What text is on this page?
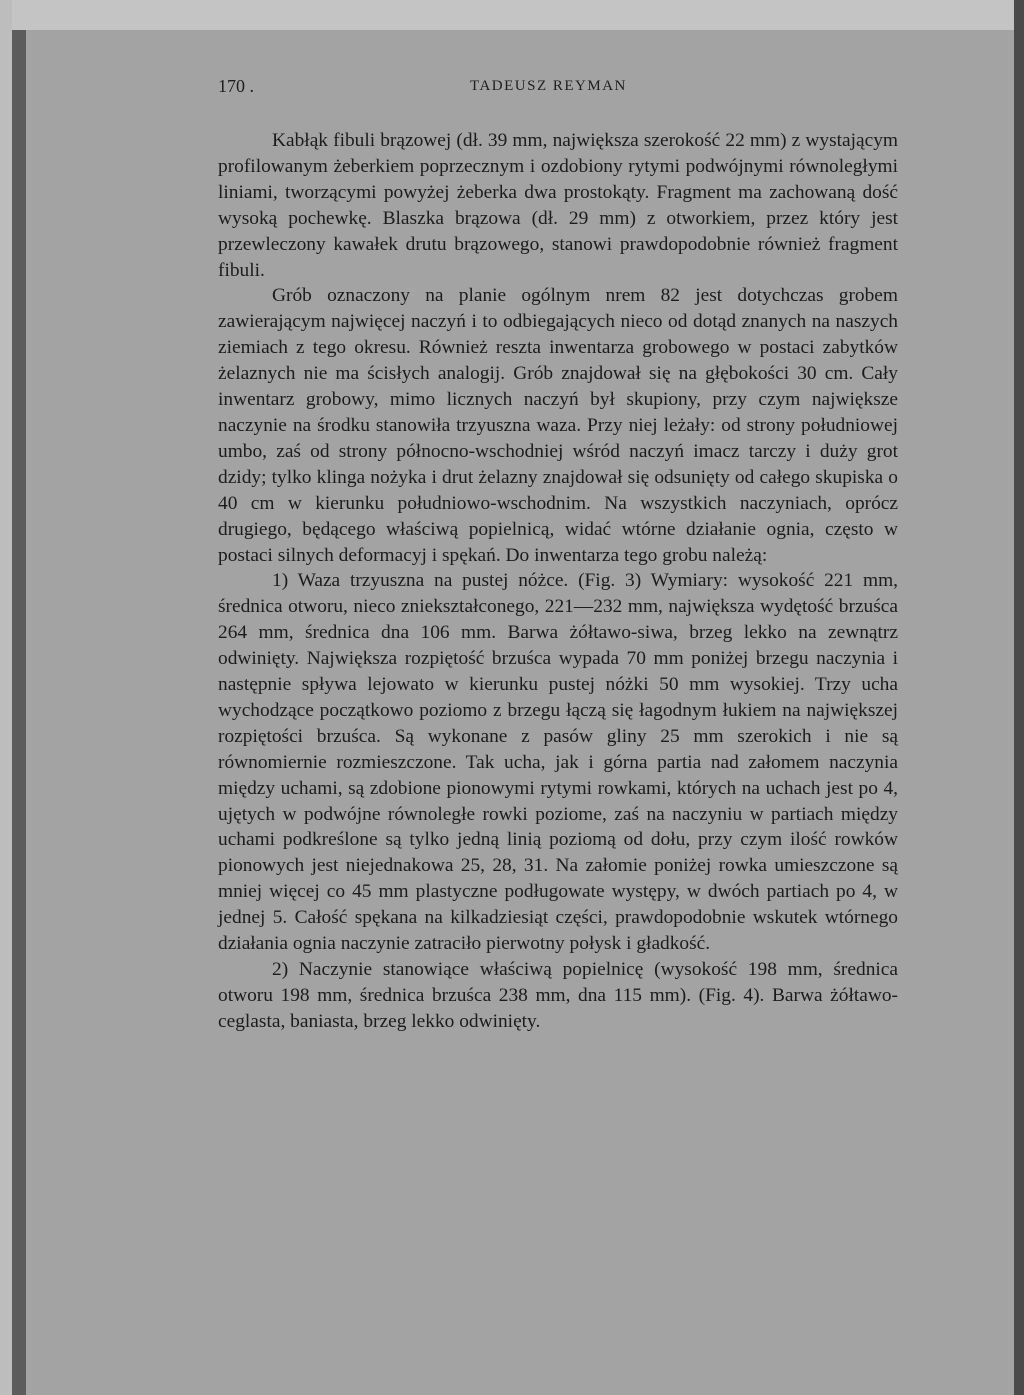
170 .	TADEUSZ REYMAN

Kabłąk fibuli brązowej (dł. 39 mm, największa szerokość 22 mm) z wystającym profilowanym żeberkiem poprzecznym i ozdobiony rytymi podwójnymi równoległymi liniami, tworzącymi powyżej żeberka dwa prostokąty. Fragment ma zachowaną dość wysoką pochewkę. Blaszka brązowa (dł. 29 mm) z otworkiem, przez który jest przewleczony kawałek drutu brązowego, stanowi prawdopodobnie również fragment fibuli.

Grób oznaczony na planie ogólnym nrem 82 jest dotychczas grobem zawierającym najwięcej naczyń i to odbiegających nieco od dotąd znanych na naszych ziemiach z tego okresu. Również reszta inwentarza grobowego w postaci zabytków żelaznych nie ma ścisłych analogij. Grób znajdował się na głębokości 30 cm. Cały inwentarz grobowy, mimo licznych naczyń był skupiony, przy czym największe naczynie na środku stanowiła trzyuszna waza. Przy niej leżały: od strony południowej umbo, zaś od strony północno-wschodniej wśród naczyń imacz tarczy i duży grot dzidy; tylko klinga nożyka i drut żelazny znajdował się odsunięty od całego skupiska o 40 cm w kierunku południowo-wschodnim. Na wszystkich naczyniach, oprócz drugiego, będącego właściwą popielnicą, widać wtórne działanie ognia, często w postaci silnych deformacyj i spękań. Do inwentarza tego grobu należą:

1) Waza trzyuszna na pustej nóżce. (Fig. 3) Wymiary: wysokość 221 mm, średnica otworu, nieco zniekształconego, 221—232 mm, największa wydętość brzuśca 264 mm, średnica dna 106 mm. Barwa żółtawo-siwa, brzeg lekko na zewnątrz odwinięty. Największa rozpiętość brzuśca wypada 70 mm poniżej brzegu naczynia i następnie spływa lejowato w kierunku pustej nóżki 50 mm wysokiej. Trzy ucha wychodzące początkowo poziomo z brzegu łączą się łagodnym łukiem na największej rozpiętości brzuśca. Są wykonane z pasów gliny 25 mm szerokich i nie są równomiernie rozmieszczone. Tak ucha, jak i górna partia nad załomem naczynia między uchami, są zdobione pionowymi rytymi rowkami, których na uchach jest po 4, ujętych w podwójne równoległe rowki poziome, zaś na naczyniu w partiach między uchami podkreślone są tylko jedną linią poziomą od dołu, przy czym ilość rowków pionowych jest niejednakowa 25, 28, 31. Na załomie poniżej rowka umieszczone są mniej więcej co 45 mm plastyczne podługowate występy, w dwóch partiach po 4, w jednej 5. Całość spękana na kilkadziesiąt części, prawdopodobnie wskutek wtórnego działania ognia naczynie zatraciło pierwotny połysk i gładkość.

2) Naczynie stanowiące właściwą popielnicę (wysokość 198 mm, średnica otworu 198 mm, średnica brzuśca 238 mm, dna 115 mm). (Fig. 4). Barwa żółtawo-ceglasta, baniasta, brzeg lekko odwinięty.
